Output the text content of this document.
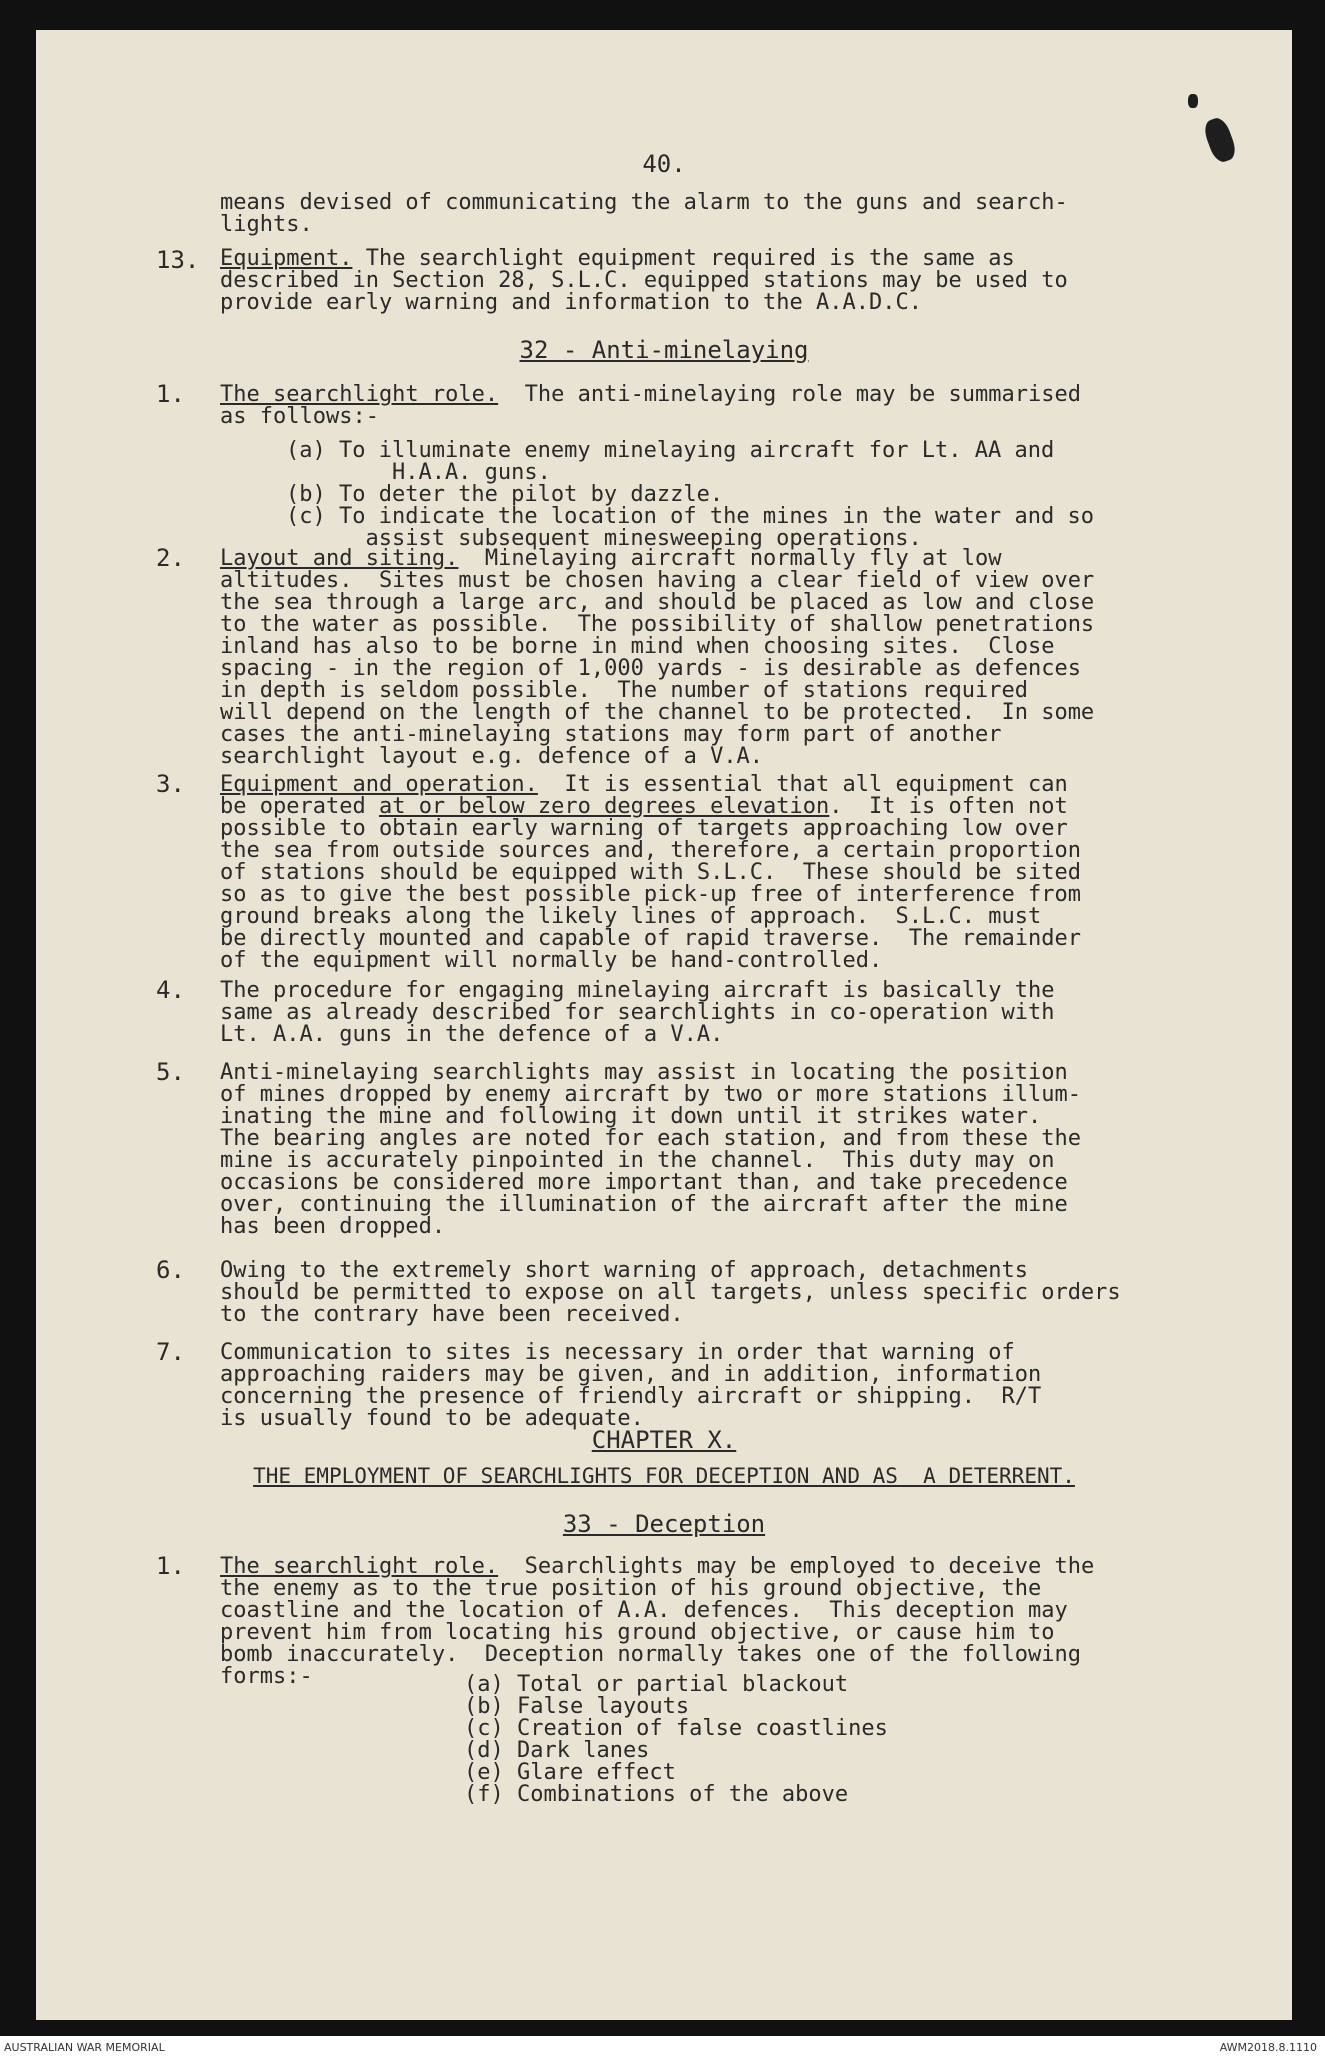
40.
means devised of communicating the alarm to the guns and search-
lights.
13. Equipment. The searchlight equipment required is the same as
described in Section 28, S.L.C. equipped stations may be used to
provide early warning and information to the A.A.D.C.
32 - Anti-minelaying
1. The searchlight role.  The anti-minelaying role may be summarised
as follows:-
(a) To illuminate enemy minelaying aircraft for Lt. AA and
H.A.A. guns.
(b) To deter the pilot by dazzle.
(c) To indicate the location of the mines in the water and so
assist subsequent minesweeping operations.
2. Layout and siting.  Minelaying aircraft normally fly at low
altitudes.  Sites must be chosen having a clear field of view over
the sea through a large arc, and should be placed as low and close
to the water as possible.  The possibility of shallow penetrations
inland has also to be borne in mind when choosing sites.  Close
spacing - in the region of 1,000 yards - is desirable as defences
in depth is seldom possible.  The number of stations required
will depend on the length of the channel to be protected.  In some
cases the anti-minelaying stations may form part of another
searchlight layout e.g. defence of a V.A.
3. Equipment and operation.  It is essential that all equipment can
be operated at or below zero degrees elevation.  It is often not
possible to obtain early warning of targets approaching low over
the sea from outside sources and, therefore, a certain proportion
of stations should be equipped with S.L.C.  These should be sited
so as to give the best possible pick-up free of interference from
ground breaks along the likely lines of approach.  S.L.C. must
be directly mounted and capable of rapid traverse.  The remainder
of the equipment will normally be hand-controlled.
4. The procedure for engaging minelaying aircraft is basically the
same as already described for searchlights in co-operation with
Lt. A.A. guns in the defence of a V.A.
5. Anti-minelaying searchlights may assist in locating the position
of mines dropped by enemy aircraft by two or more stations illum-
inating the mine and following it down until it strikes water.
The bearing angles are noted for each station, and from these the
mine is accurately pinpointed in the channel.  This duty may on
occasions be considered more important than, and take precedence
over, continuing the illumination of the aircraft after the mine
has been dropped.
6. Owing to the extremely short warning of approach, detachments
should be permitted to expose on all targets, unless specific orders
to the contrary have been received.
7. Communication to sites is necessary in order that warning of
approaching raiders may be given, and in addition, information
concerning the presence of friendly aircraft or shipping.  R/T
is usually found to be adequate.
CHAPTER X.
THE EMPLOYMENT OF SEARCHLIGHTS FOR DECEPTION AND AS  A DETERRENT.
33 - Deception
1. The searchlight role.  Searchlights may be employed to deceive the
the enemy as to the true position of his ground objective, the
coastline and the location of A.A. defences.  This deception may
prevent him from locating his ground objective, or cause him to
bomb inaccurately.  Deception normally takes one of the following
forms:-	(a) Total or partial blackout
(b) False layouts
(c) Creation of false coastlines
(d) Dark lanes
(e) Glare effect
(f) Combinations of the above
AUSTRALIAN WAR MEMORIAL	AWM2018.8.1110
